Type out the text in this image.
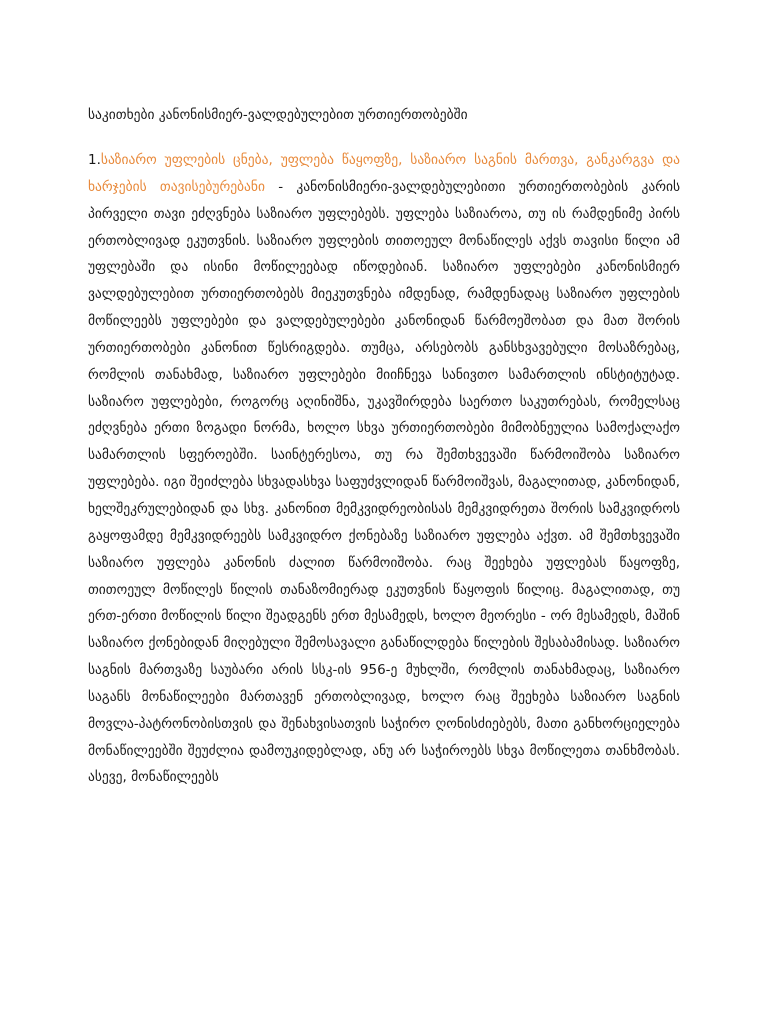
საკითხები კანონისმიერ-ვალდებულებით ურთიერთობებში
1.საზიარო უფლების ცნება, უფლება წაყოფზე, საზიარო საგნის მართვა, განკარგვა და ხარჯების თავისებურებანი - კანონისმიერი-ვალდებულებითი ურთიერთობების კარის პირველი თავი ეძღვნება საზიარო უფლებებს. უფლება საზიაროა, თუ ის რამდენიმე პირს ერთობლივად ეკუთვნის. საზიარო უფლების თითოეულ მონაწილეს აქვს თავისი წილი ამ უფლებაში და ისინი მოწილეებად იწოდებიან. საზიარო უფლებები კანონისმიერ ვალდებულებით ურთიერთობებს მიეკუთვნება იმდენად, რამდენადაც საზიარო უფლების მოწილეებს უფლებები და ვალდებულებები კანონიდან წარმოეშობათ და მათ შორის ურთიერთობები კანონით წესრიგდება. თუმცა, არსებობს განსხვავებული მოსაზრებაც, რომლის თანახმად, საზიარო უფლებები მიიჩნევა სანივთო სამართლის ინსტიტუტად. საზიარო უფლებები, როგორც აღინიშნა, უკავშირდება საერთო საკუთრებას, რომელსაც ეძღვნება ერთი ზოგადი ნორმა, ხოლო სხვა ურთიერთობები მიმობნეულია სამოქალაქო სამართლის სფეროებში. საინტერესოა, თუ რა შემთხვევაში წარმოიშობა საზიარო უფლებება. იგი შეიძლება სხვადასხვა საფუძვლიდან წარმოიშვას, მაგალითად, კანონიდან, ხელშეკრულებიდან და სხვ. კანონით მემკვიდრეობისას მემკვიდრეთა შორის სამკვიდროს გაყოფამდე მემკვიდრეებს სამკვიდრო ქონებაზე საზიარო უფლება აქვთ. ამ შემთხვევაში საზიარო უფლება კანონის ძალით წარმოიშობა. რაც შეეხება უფლებას წაყოფზე, თითოეულ მოწილეს წილის თანაზომიერად ეკუთვნის წაყოფის წილიც. მაგალითად, თუ ერთ-ერთი მოწილის წილი შეადგენს ერთ მესამედს, ხოლო მეორესი - ორ მესამედს, მაშინ საზიარო ქონებიდან მიღებული შემოსავალი განაწილდება წილების შესაბამისად. საზიარო საგნის მართვაზე საუბარი არის სსკ-ის 956-ე მუხლში, რომლის თანახმადაც, საზიარო საგანს მონაწილეები მართავენ ერთობლივად, ხოლო რაც შეეხება საზიარო საგნის მოვლა-პატრონობისთვის და შენახვისათვის საჭირო ღონისძიებებს, მათი განხორციელება მონაწილეებში შეუძლია დამოუკიდებლად, ანუ არ საჭიროებს სხვა მოწილეთა თანხმობას. ასევე, მონაწილეებს
